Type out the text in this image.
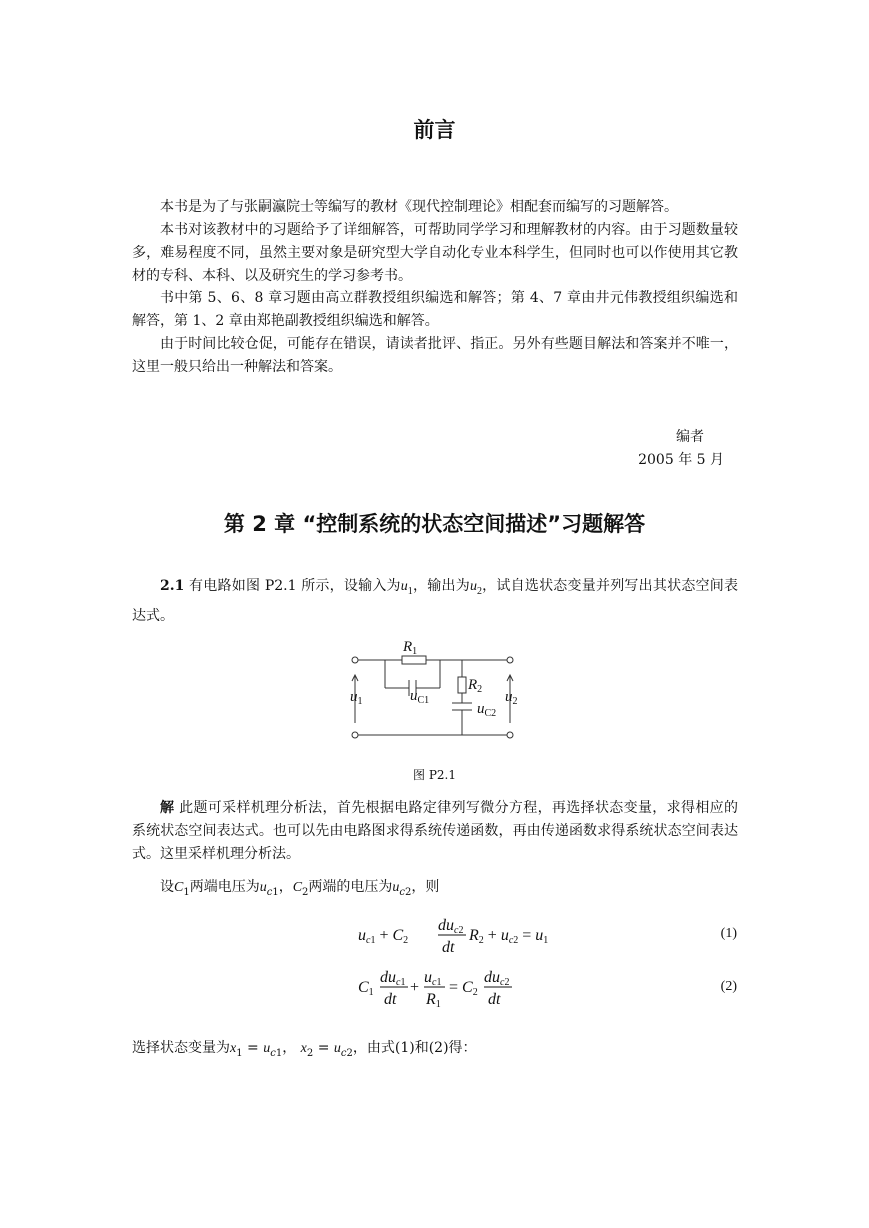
前言

本书是为了与张嗣瀛院士等编写的教材《现代控制理论》相配套而编写的习题解答。

本书对该教材中的习题给予了详细解答，可帮助同学学习和理解教材的内容。由于习题数量较多，难易程度不同，虽然主要对象是研究型大学自动化专业本科学生，但同时也可以作使用其它教材的专科、本科、以及研究生的学习参考书。

书中第 5、6、8 章习题由高立群教授组织编选和解答；第 4、7 章由井元伟教授组织编选和解答，第 1、2 章由郑艳副教授组织编选和解答。

由于时间比较仓促，可能存在错误，请读者批评、指正。另外有些题目解法和答案并不唯一，这里一般只给出一种解法和答案。

编者
2005 年 5 月
第 2 章 “控制系统的状态空间描述”习题解答

2.1 有电路如图 P2.1 所示，设输入为$u_1$，输出为$u_2$，试自选状态变量并列写出其状态空间表达式。

$R_1$
$u_{C1}$
$R_2$
$u_{C2}$
$u_1$	$u_2$
图 P2.1

解 此题可采样机理分析法，首先根据电路定律列写微分方程，再选择状态变量，求得相应的系统状态空间表达式。也可以先由电路图求得系统传递函数，再由传递函数求得系统状态空间表达式。这里采样机理分析法。

设$C_1$两端电压为$u_{c1}$，$C_2$两端的电压为$u_{c2}$，则

uc1 + C2
duc2
dt
R2 + uc2 = u1	(1)
C1
duc1
dt
+
uc1
R1
= C2
duc2
dt
(2)

选择状态变量为$x_1 = u_{c1}$， $x_2 = u_{c2}$，由式(1)和(2)得：
